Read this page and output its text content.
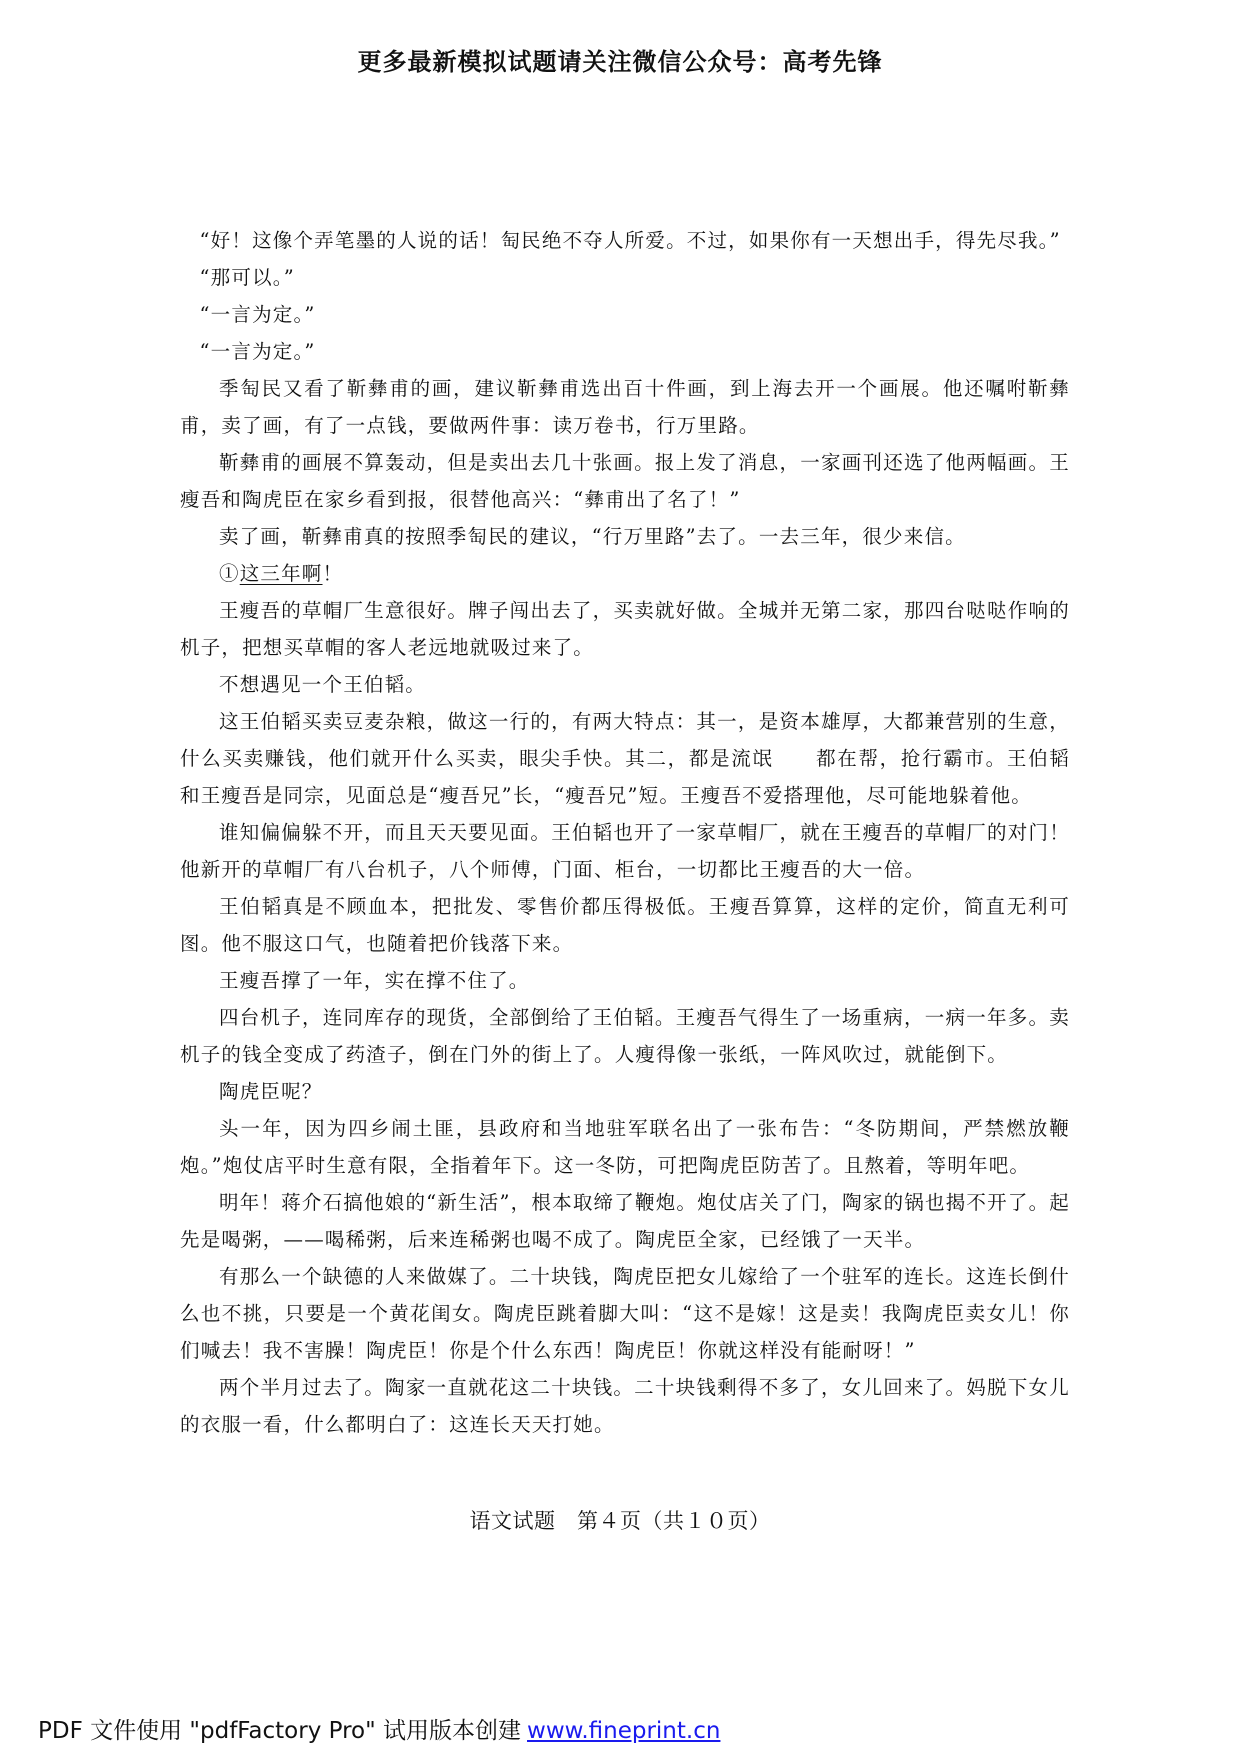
更多最新模拟试题请关注微信公众号：高考先锋

“好！这像个弄笔墨的人说的话！匋民绝不夺人所爱。不过，如果你有一天想出手，得先尽我。”

“那可以。”

“一言为定。”

“一言为定。”

季匋民又看了靳彝甫的画，建议靳彝甫选出百十件画，到上海去开一个画展。他还嘱咐靳彝甫，卖了画，有了一点钱，要做两件事：读万卷书，行万里路。

靳彝甫的画展不算轰动，但是卖出去几十张画。报上发了消息，一家画刊还选了他两幅画。王瘦吾和陶虎臣在家乡看到报，很替他高兴：“彝甫出了名了！”

卖了画，靳彝甫真的按照季匋民的建议，“行万里路”去了。一去三年，很少来信。

①这三年啊！

王瘦吾的草帽厂生意很好。牌子闯出去了，买卖就好做。全城并无第二家，那四台哒哒作响的机子，把想买草帽的客人老远地就吸过来了。

不想遇见一个王伯韬。

这王伯韬买卖豆麦杂粮，做这一行的，有两大特点：其一，是资本雄厚，大都兼营别的生意，什么买卖赚钱，他们就开什么买卖，眼尖手快。其二，都是流氓　　都在帮，抢行霸市。王伯韬和王瘦吾是同宗，见面总是“瘦吾兄”长，“瘦吾兄”短。王瘦吾不爱搭理他，尽可能地躲着他。

谁知偏偏躲不开，而且天天要见面。王伯韬也开了一家草帽厂，就在王瘦吾的草帽厂的对门！他新开的草帽厂有八台机子，八个师傅，门面、柜台，一切都比王瘦吾的大一倍。

王伯韬真是不顾血本，把批发、零售价都压得极低。王瘦吾算算，这样的定价，简直无利可图。他不服这口气，也随着把价钱落下来。

王瘦吾撑了一年，实在撑不住了。

四台机子，连同库存的现货，全部倒给了王伯韬。王瘦吾气得生了一场重病，一病一年多。卖机子的钱全变成了药渣子，倒在门外的街上了。人瘦得像一张纸，一阵风吹过，就能倒下。

陶虎臣呢？

头一年，因为四乡闹土匪，县政府和当地驻军联名出了一张布告：“冬防期间，严禁燃放鞭炮。”炮仗店平时生意有限，全指着年下。这一冬防，可把陶虎臣防苦了。且熬着，等明年吧。

明年！蒋介石搞他娘的“新生活”，根本取缔了鞭炮。炮仗店关了门，陶家的锅也揭不开了。起先是喝粥，——喝稀粥，后来连稀粥也喝不成了。陶虎臣全家，已经饿了一天半。

有那么一个缺德的人来做媒了。二十块钱，陶虎臣把女儿嫁给了一个驻军的连长。这连长倒什么也不挑，只要是一个黄花闺女。陶虎臣跳着脚大叫：“这不是嫁！这是卖！我陶虎臣卖女儿！你们喊去！我不害臊！陶虎臣！你是个什么东西！陶虎臣！你就这样没有能耐呀！”

两个半月过去了。陶家一直就花这二十块钱。二十块钱剩得不多了，女儿回来了。妈脱下女儿的衣服一看，什么都明白了：这连长天天打她。

语文试题　第４页（共１０页）
PDF 文件使用 "pdfFactory Pro" 试用版本创建 www.fineprint.cn
